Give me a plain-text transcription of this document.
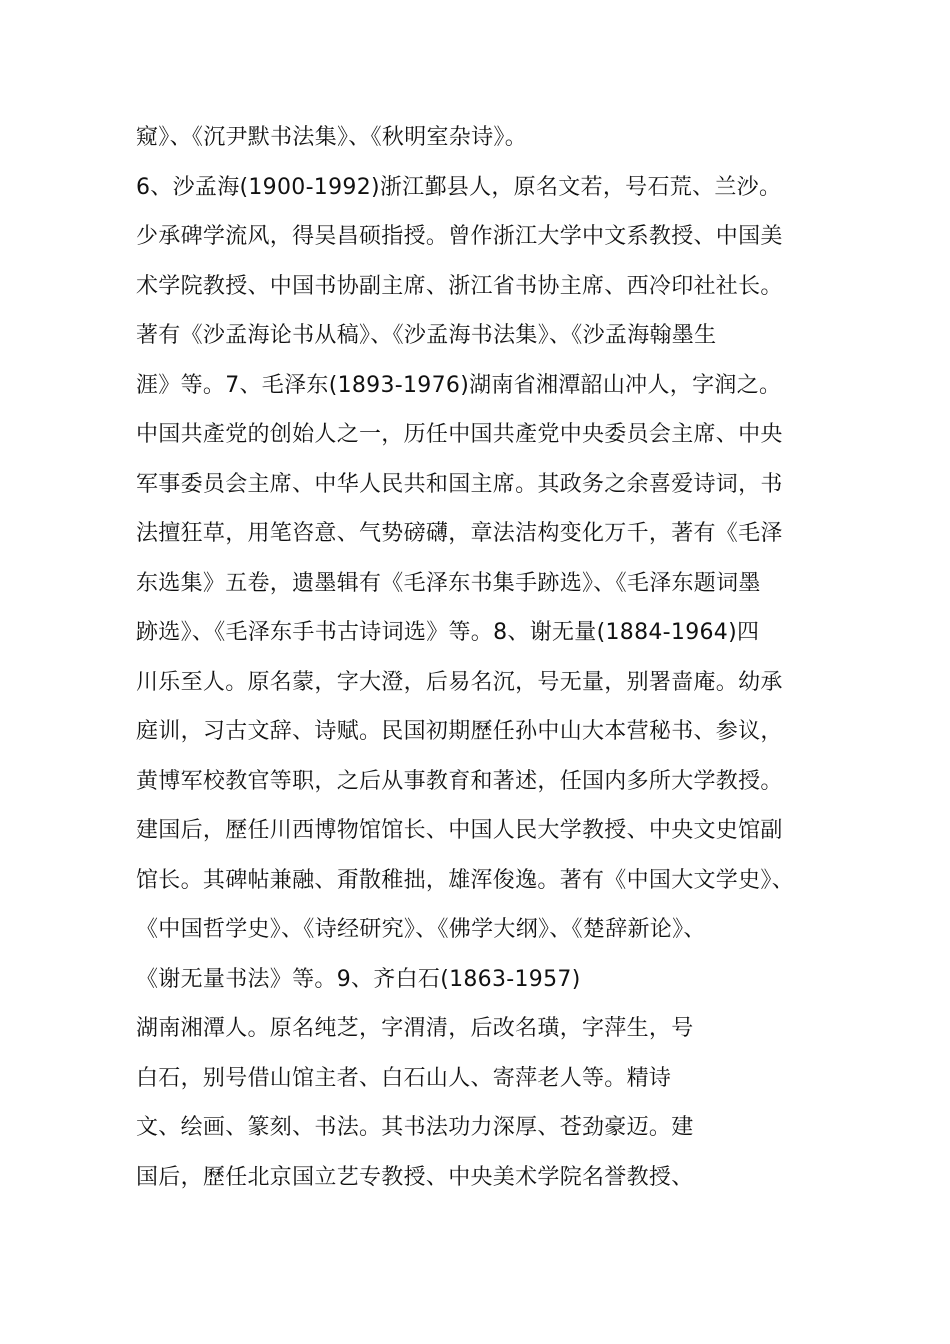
窥》、《沉尹默书法集》、《秋明室杂诗》。
6、沙孟海(1900-1992)浙江鄞县人，原名文若，号石荒、兰沙。
少承碑学流风，得吴昌硕指授。曾作浙江大学中文系教授、中国美
术学院教授、中国书协副主席、浙江省书协主席、西冷印社社长。
著有《沙孟海论书从稿》、《沙孟海书法集》、《沙孟海翰墨生
涯》等。7、毛泽东(1893-1976)湖南省湘潭韶山冲人，字润之。
中国共產党的创始人之一，历任中国共產党中央委员会主席、中央
军事委员会主席、中华人民共和国主席。其政务之余喜爱诗词，书
法擅狂草，用笔咨意、气势磅礴，章法洁构变化万千，著有《毛泽
东选集》五卷，遗墨辑有《毛泽东书集手跡选》、《毛泽东题词墨
跡选》、《毛泽东手书古诗词选》等。8、谢无量(1884-1964)四
川乐至人。原名蒙，字大澄，后易名沉，号无量，别署啬庵。幼承
庭训，习古文辞、诗赋。民国初期歷任孙中山大本营秘书、参议，
黄博军校教官等职，之后从事教育和著述，任国内多所大学教授。
建国后，歷任川西博物馆馆长、中国人民大学教授、中央文史馆副
馆长。其碑帖兼融、甭散稚拙，雄浑俊逸。著有《中国大文学史》、
《中国哲学史》、《诗经研究》、《佛学大纲》、《楚辞新论》、
《谢无量书法》等。9、齐白石(1863-1957)
湖南湘潭人。原名纯芝，字渭清，后改名璜，字萍生，号
白石，别号借山馆主者、白石山人、寄萍老人等。精诗
文、绘画、篆刻、书法。其书法功力深厚、苍劲豪迈。建
国后，歷任北京国立艺专教授、中央美术学院名誉教授、
